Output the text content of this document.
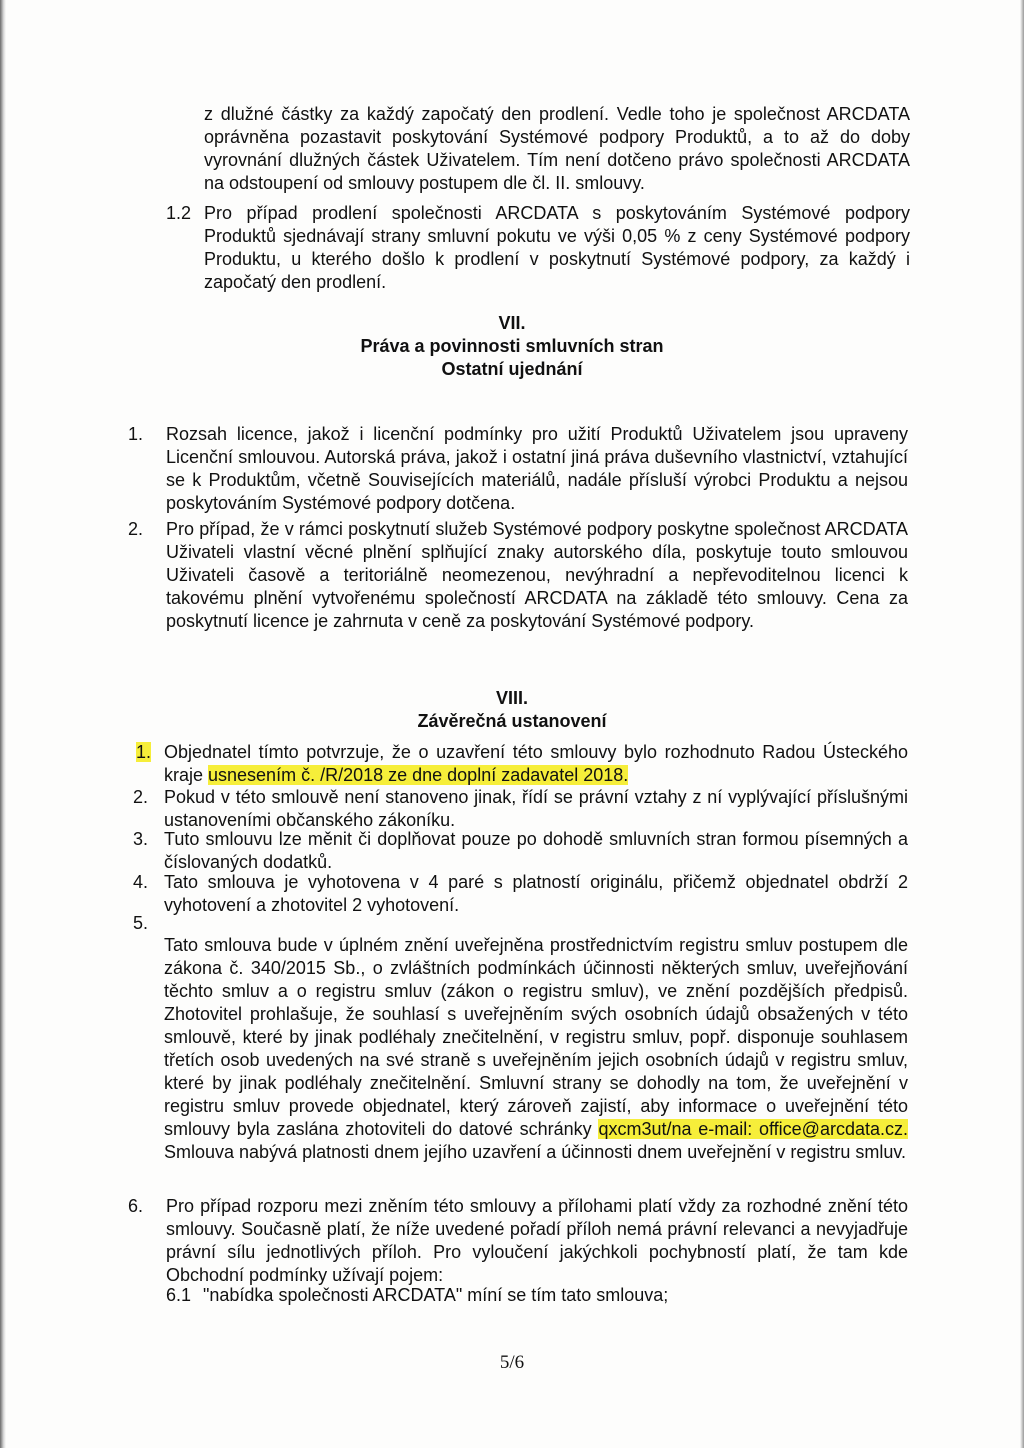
z dlužné částky za každý započatý den prodlení. Vedle toho je společnost ARCDATA oprávněna pozastavit poskytování Systémové podpory Produktů, a to až do doby vyrovnání dlužných částek Uživatelem. Tím není dotčeno právo společnosti ARCDATA na odstoupení od smlouvy postupem dle čl. II. smlouvy.
1.2 Pro případ prodlení společnosti ARCDATA s poskytováním Systémové podpory Produktů sjednávají strany smluvní pokutu ve výši 0,05 % z ceny Systémové podpory Produktu, u kterého došlo k prodlení v poskytnutí Systémové podpory, za každý i započatý den prodlení.
VII.
Práva a povinnosti smluvních stran
Ostatní ujednání
1. Rozsah licence, jakož i licenční podmínky pro užití Produktů Uživatelem jsou upraveny Licenční smlouvou. Autorská práva, jakož i ostatní jiná práva duševního vlastnictví, vztahující se k Produktům, včetně Souvisejících materiálů, nadále přísluší výrobci Produktu a nejsou poskytováním Systémové podpory dotčena.
2. Pro případ, že v rámci poskytnutí služeb Systémové podpory poskytne společnost ARCDATA Uživateli vlastní věcné plnění splňující znaky autorského díla, poskytuje touto smlouvou Uživateli časově a teritoriálně neomezenou, nevýhradní a nepřevoditelnou licenci k takovému plnění vytvořenému společností ARCDATA na základě této smlouvy. Cena za poskytnutí licence je zahrnuta v ceně za poskytování Systémové podpory.
VIII.
Závěrečná ustanovení
1. Objednatel tímto potvrzuje, že o uzavření této smlouvy bylo rozhodnuto Radou Ústeckého kraje usnesením č. /R/2018 ze dne doplní zadavatel 2018.
2. Pokud v této smlouvě není stanoveno jinak, řídí se právní vztahy z ní vyplývající příslušnými ustanoveními občanského zákoníku.
3. Tuto smlouvu lze měnit či doplňovat pouze po dohodě smluvních stran formou písemných a číslovaných dodatků.
4. Tato smlouva je vyhotovena v 4 paré s platností originálu, přičemž objednatel obdrží 2 vyhotovení a zhotovitel 2 vyhotovení.
5.
Tato smlouva bude v úplném znění uveřejněna prostřednictvím registru smluv postupem dle zákona č. 340/2015 Sb., o zvláštních podmínkách účinnosti některých smluv, uveřejňování těchto smluv a o registru smluv (zákon o registru smluv), ve znění pozdějších předpisů. Zhotovitel prohlašuje, že souhlasí s uveřejněním svých osobních údajů obsažených v této smlouvě, které by jinak podléhaly znečitelnění, v registru smluv, popř. disponuje souhlasem třetích osob uvedených na své straně s uveřejněním jejich osobních údajů v registru smluv, které by jinak podléhaly znečitelnění. Smluvní strany se dohodly na tom, že uveřejnění v registru smluv provede objednatel, který zároveň zajistí, aby informace o uveřejnění této smlouvy byla zaslána zhotoviteli do datové schránky qxcm3ut/na e-mail: office@arcdata.cz. Smlouva nabývá platnosti dnem jejího uzavření a účinnosti dnem uveřejnění v registru smluv.
6. Pro případ rozporu mezi zněním této smlouvy a přílohami platí vždy za rozhodné znění této smlouvy. Současně platí, že níže uvedené pořadí příloh nemá právní relevanci a nevyjadřuje právní sílu jednotlivých příloh. Pro vyloučení jakýchkoli pochybností platí, že tam kde Obchodní podmínky užívají pojem:
6.1 "nabídka společnosti ARCDATA" míní se tím tato smlouva;
5/6
